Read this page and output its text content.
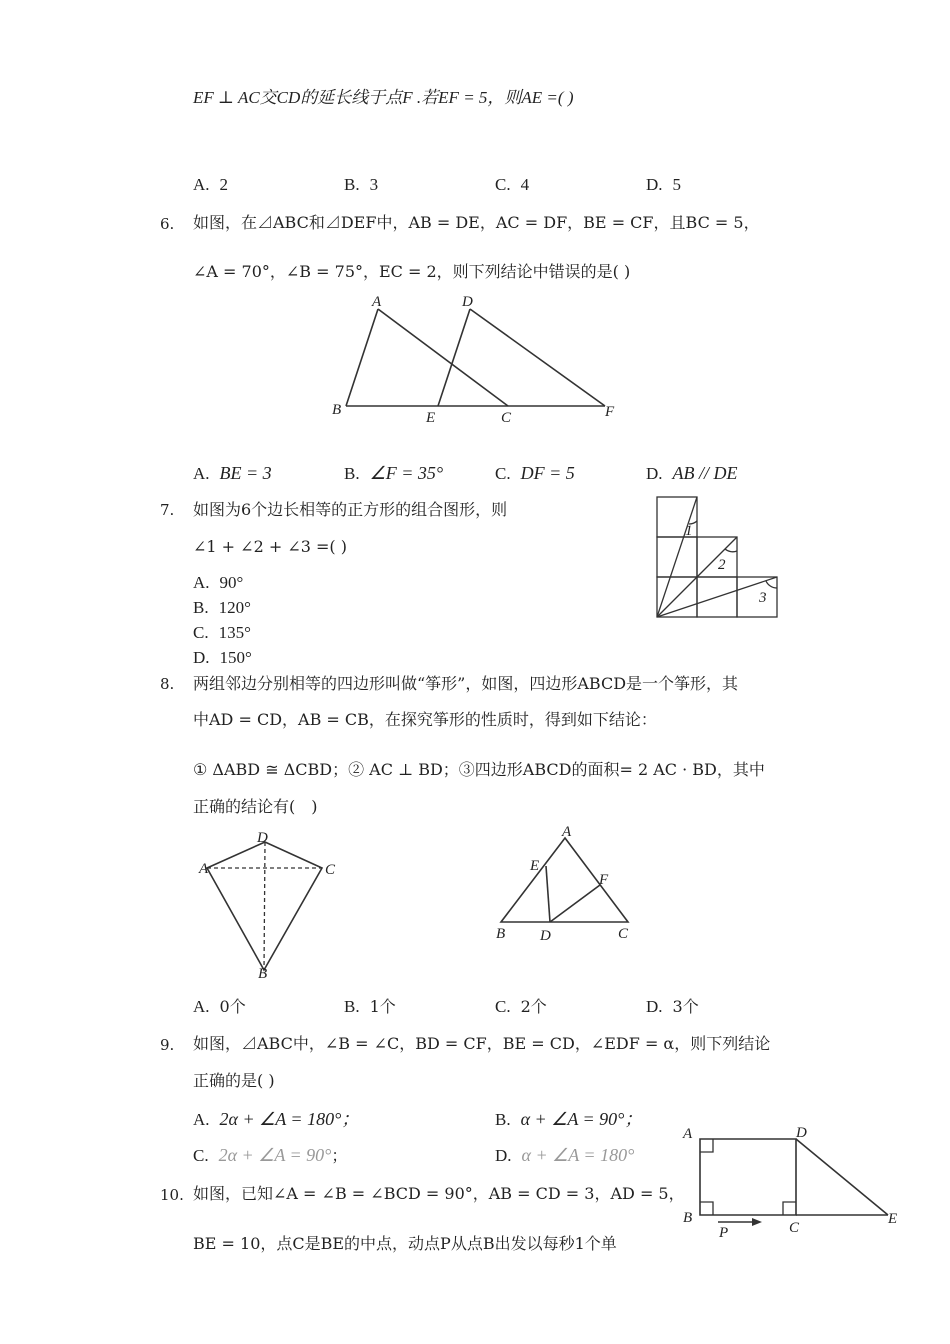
EF ⊥ AC交CD的延长线于点F .若EF = 5，则AE =( )
A. 2	B. 3	C. 4	D. 5
6. 如图，在⊿ABC和⊿DEF中，AB = DE，AC = DF，BE = CF，且BC = 5，
∠A = 70°，∠B = 75°，EC = 2，则下列结论中错误的是( )
A
B	C
D
E	F
A. BE = 3	B. ∠F = 35°	C. DF = 5	D. AB // DE
7. 如图为6个边长相等的正方形的组合图形，则
∠1 + ∠2 + ∠3 =( )
A. 90°
B. 120°
C. 135°
D. 150°
1
2
3
8. 两组邻边分别相等的四边形叫做“筝形”，如图，四边形ABCD是一个筝形，其
中AD = CD，AB = CB，在探究筝形的性质时，得到如下结论：
① ΔABD ≅ ΔCBD；② AC ⊥ BD；③四边形ABCD的面积= 2 AC · BD，其中
正确的结论有(　)
A
B
C
D	A
B	C
D
E
F
A. 0个	B. 1个	C. 2个	D. 3个
9. 如图，⊿ABC中，∠B = ∠C，BD = CF，BE = CD，∠EDF = α，则下列结论
正确的是( )
A. 2α + ∠A = 180°；	B. α + ∠A = 90°；
C. 2α + ∠A = 90°；	D. α + ∠A = 180°
10. 如图，已知∠A = ∠B = ∠BCD = 90°，AB = CD = 3，AD = 5，
BE = 10，点C是BE的中点，动点P从点B出发以每秒1个单
A
B
C
D
E
P
